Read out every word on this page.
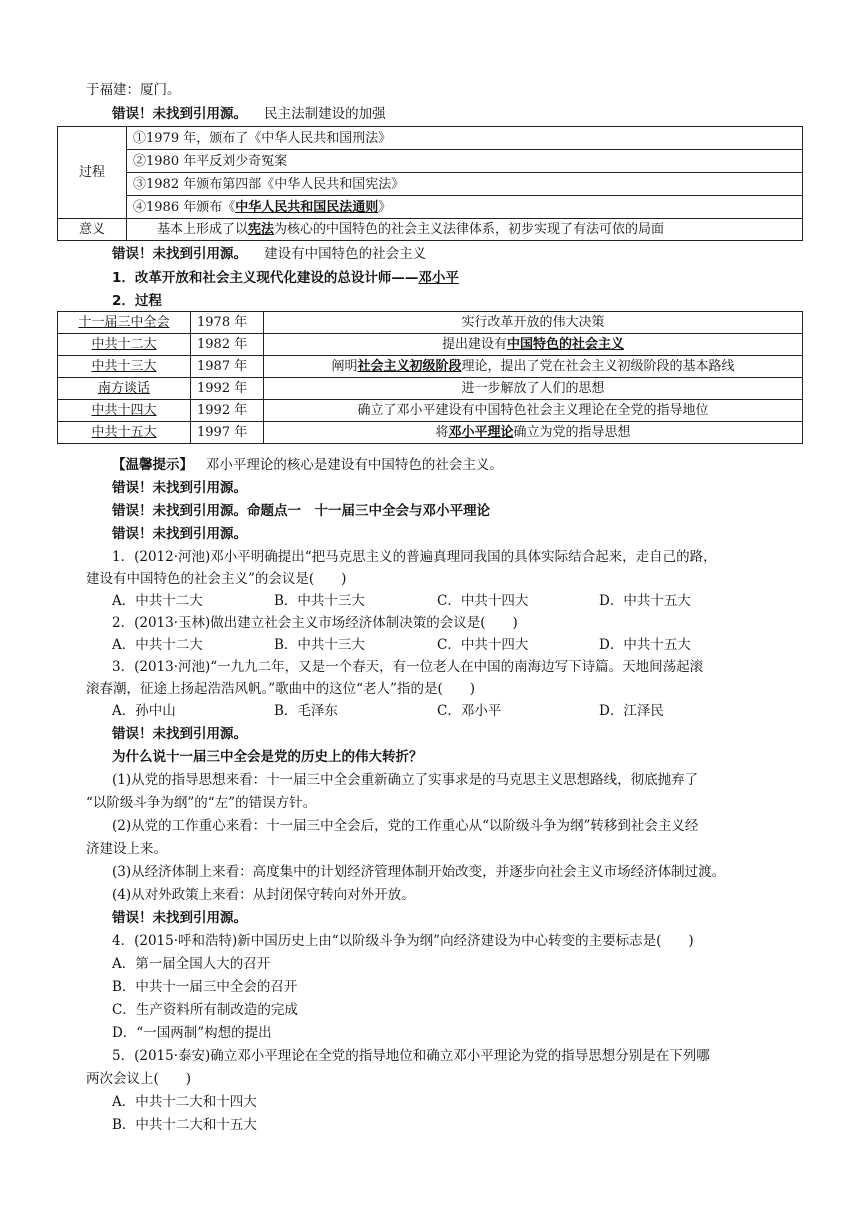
于福建：厦门。
错误！未找到引用源。 民主法制建设的加强
过程	①1979 年，颁布了《中华人民共和国刑法》
	②1980 年平反刘少奇冤案
	③1982 年颁布第四部《中华人民共和国宪法》
	④1986 年颁布《中华人民共和国民法通则》
意义	基本上形成了以宪法为核心的中国特色的社会主义法律体系，初步实现了有法可依的局面
错误！未找到引用源。 建设有中国特色的社会主义
1．改革开放和社会主义现代化建设的总设计师——邓小平
2．过程
十一届三中全会	1978 年	实行改革开放的伟大决策
中共十二大	1982 年	提出建设有中国特色的社会主义
中共十三大	1987 年	阐明社会主义初级阶段理论，提出了党在社会主义初级阶段的基本路线
南方谈话	1992 年	进一步解放了人们的思想
中共十四大	1992 年	确立了邓小平建设有中国特色社会主义理论在全党的指导地位
中共十五大	1997 年	将邓小平理论确立为党的指导思想
【温馨提示】 邓小平理论的核心是建设有中国特色的社会主义。
错误！未找到引用源。
错误！未找到引用源。命题点一　十一届三中全会与邓小平理论
错误！未找到引用源。
1．(2012·河池)邓小平明确提出“把马克思主义的普遍真理同我国的具体实际结合起来，走自己的路，
建设有中国特色的社会主义”的会议是(　　)
A．中共十二大	B．中共十三大	C．中共十四大	D．中共十五大
2．(2013·玉林)做出建立社会主义市场经济体制决策的会议是(　　)
A．中共十二大	B．中共十三大	C．中共十四大	D．中共十五大
3．(2013·河池)“一九九二年，又是一个春天，有一位老人在中国的南海边写下诗篇。天地间荡起滚
滚春潮，征途上扬起浩浩风帆。”歌曲中的这位“老人”指的是(　　)
A．孙中山	B．毛泽东	C．邓小平	D．江泽民
错误！未找到引用源。
为什么说十一届三中全会是党的历史上的伟大转折？
(1)从党的指导思想来看：十一届三中全会重新确立了实事求是的马克思主义思想路线，彻底抛弃了
“以阶级斗争为纲”的“左”的错误方针。
(2)从党的工作重心来看：十一届三中全会后，党的工作重心从“以阶级斗争为纲”转移到社会主义经
济建设上来。
(3)从经济体制上来看：高度集中的计划经济管理体制开始改变，并逐步向社会主义市场经济体制过渡。
(4)从对外政策上来看：从封闭保守转向对外开放。
错误！未找到引用源。
4．(2015·呼和浩特)新中国历史上由“以阶级斗争为纲”向经济建设为中心转变的主要标志是(　　)
A．第一届全国人大的召开
B．中共十一届三中全会的召开
C．生产资料所有制改造的完成
D．“一国两制”构想的提出
5．(2015·泰安)确立邓小平理论在全党的指导地位和确立邓小平理论为党的指导思想分别是在下列哪
两次会议上(　　)
A．中共十二大和十四大
B．中共十二大和十五大
